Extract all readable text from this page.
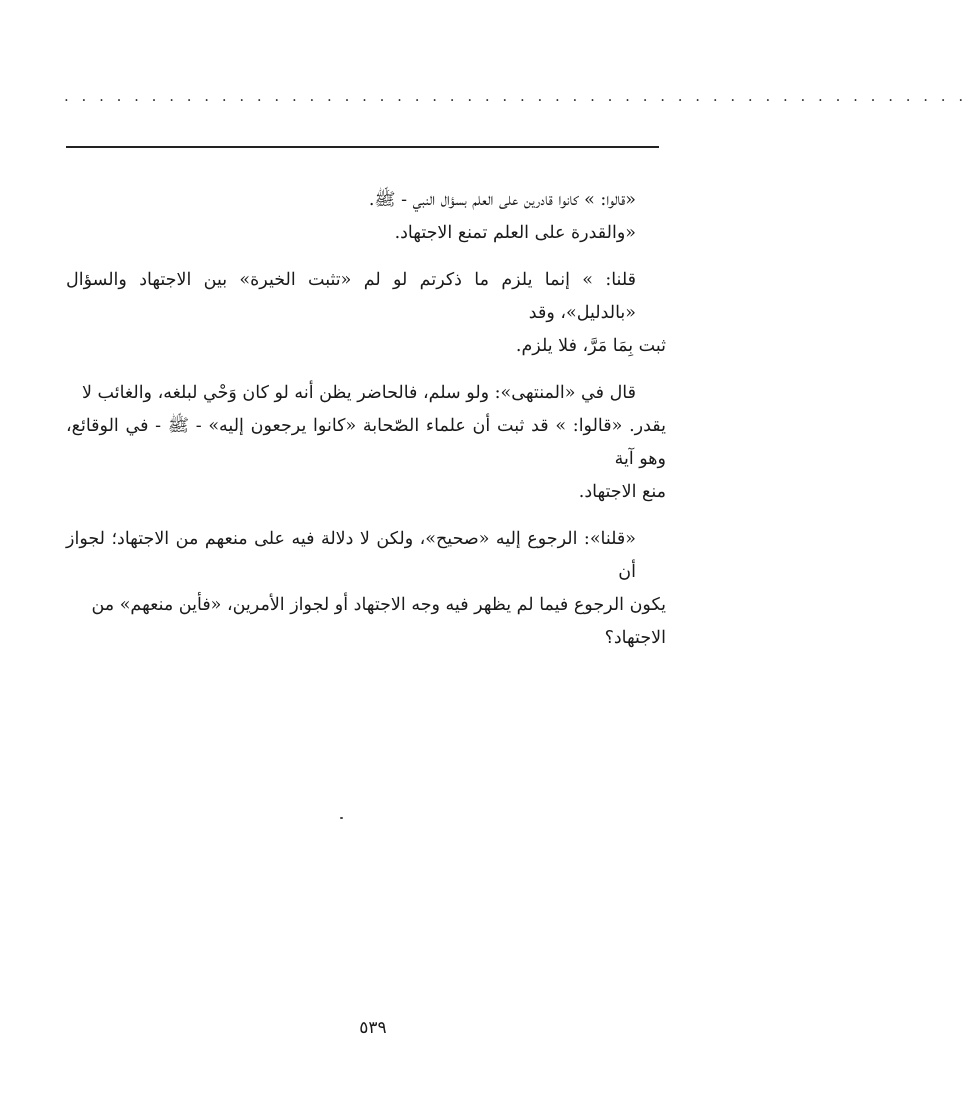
. . . . . . . . . . . . . . . . . . . . . . . . . . . . . . . . . . . . . . . . . . . . . . . . . . . .

«قالوا: » كانوا قادرين على العلم بسؤال النبي - ﷺ.
«والقدرة على العلم تمنع الاجتهاد.

قلنا: » إنما يلزم ما ذكرتم لو لم «تثبت الخيرة» بين الاجتهاد والسؤال «بالدليل»، وقد
ثبت بِمَا مَرَّ، فلا يلزم.

قال في «المنتهى»: ولو سلم، فالحاضر يظن أنه لو كان وَحْي لبلغه، والغائب لا
يقدر. «قالوا: » قد ثبت أن علماء الصّحابة «كانوا يرجعون إليه» - ﷺ - في الوقائع، وهو آية
منع الاجتهاد.

«قلنا»: الرجوع إليه «صحيح»، ولكن لا دلالة فيه على منعهم من الاجتهاد؛ لجواز أن
يكون الرجوع فيما لم يظهر فيه وجه الاجتهاد أو لجواز الأمرين، «فأين منعهم» من
الاجتهاد؟

٥٣٩
